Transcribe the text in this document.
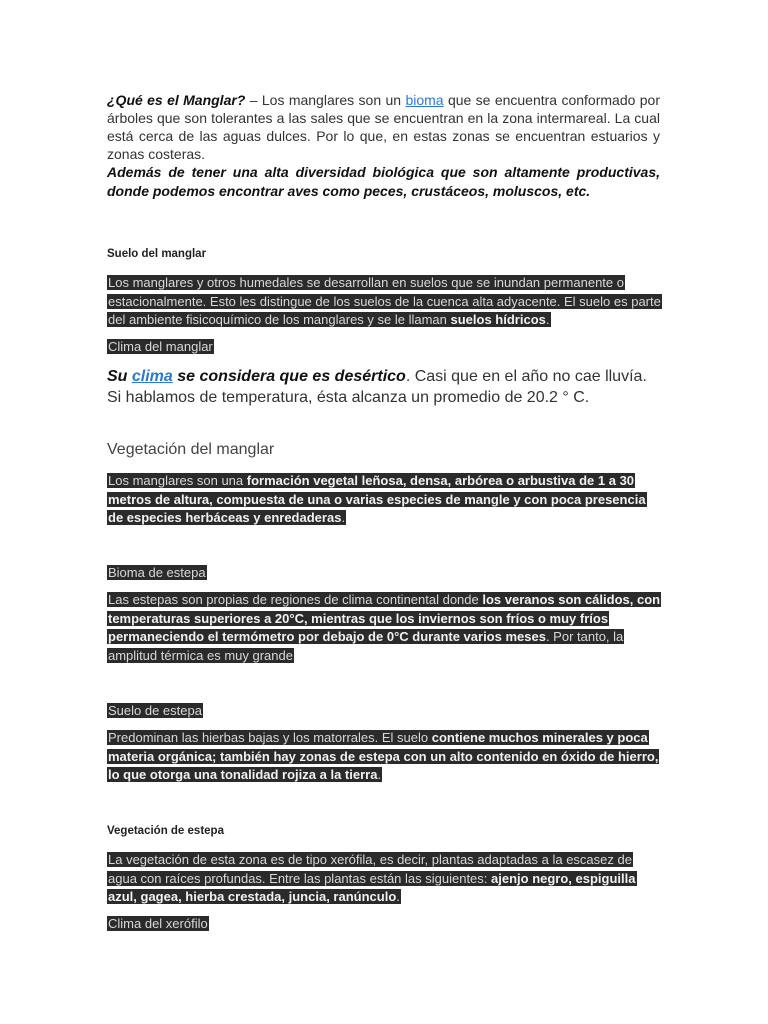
¿Qué es el Manglar? – Los manglares son un bioma que se encuentra conformado por árboles que son tolerantes a las sales que se encuentran en la zona intermareal. La cual está cerca de las aguas dulces. Por lo que, en estas zonas se encuentran estuarios y zonas costeras.

Además de tener una alta diversidad biológica que son altamente productivas, donde podemos encontrar aves como peces, crustáceos, moluscos, etc.

Suelo del manglar

Los manglares y otros humedales se desarrollan en suelos que se inundan permanente o estacionalmente. Esto les distingue de los suelos de la cuenca alta adyacente. El suelo es parte del ambiente fisicoquímico de los manglares y se le llaman suelos hídricos.

Clima del manglar

Su clima se considera que es desértico. Casi que en el año no cae lluvía. Si hablamos de temperatura, ésta alcanza un promedio de 20.2 ° C.

Vegetación del manglar

Los manglares son una formación vegetal leñosa, densa, arbórea o arbustiva de 1 a 30 metros de altura, compuesta de una o varias especies de mangle y con poca presencia de especies herbáceas y enredaderas.

Bioma de estepa

Las estepas son propias de regiones de clima continental donde los veranos son cálidos, con temperaturas superiores a 20°C, mientras que los inviernos son fríos o muy fríos permaneciendo el termómetro por debajo de 0°C durante varios meses. Por tanto, la amplitud térmica es muy grande

Suelo de estepa

Predominan las hierbas bajas y los matorrales. El suelo contiene muchos minerales y poca materia orgánica; también hay zonas de estepa con un alto contenido en óxido de hierro, lo que otorga una tonalidad rojiza a la tierra.

Vegetación de estepa

La vegetación de esta zona es de tipo xerófila, es decir, plantas adaptadas a la escasez de agua con raíces profundas. Entre las plantas están las siguientes: ajenjo negro, espiguilla azul, gagea, hierba crestada, juncia, ranúnculo.

Clima del xerófilo
